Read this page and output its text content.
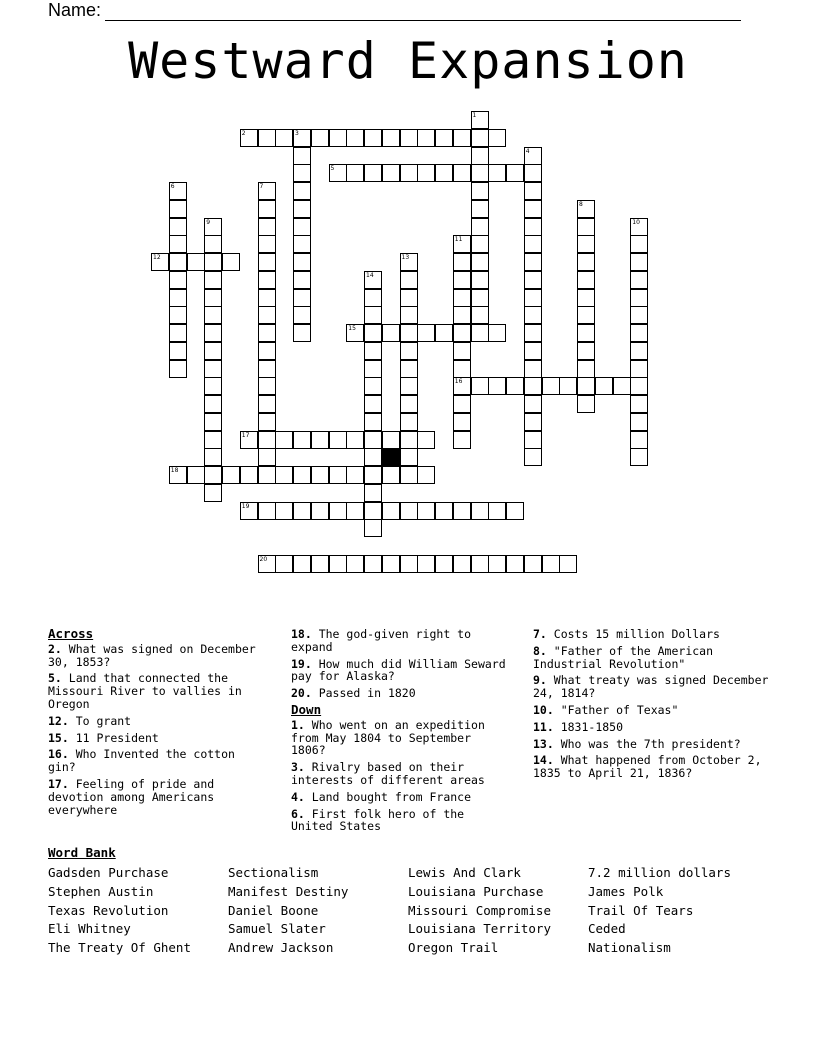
Name:
Westward Expansion
1
2	3
4
5
6	7
8
9	10
11
16
12	13
14
15
17
18
19
20
Across
2. What was signed on December 30, 1853?
5. Land that connected the Missouri River to vallies in Oregon
12. To grant
15. 11 President
16. Who Invented the cotton gin?
17. Feeling of pride and devotion among Americans everywhere
18. The god-given right to expand
19. How much did William Seward pay for Alaska?
20. Passed in 1820
Down
1. Who went on an expedition from May 1804 to September 1806?
3. Rivalry based on their interests of different areas
4. Land bought from France
6. First folk hero of the United States
7. Costs 15 million Dollars
8. "Father of the American Industrial Revolution"
9. What treaty was signed December 24, 1814?
10. "Father of Texas"
11. 1831-1850
13. Who was the 7th president?
14. What happened from October 2, 1835 to April 21, 1836?
Word Bank
Gadsden Purchase
Stephen Austin
Texas Revolution
Eli Whitney
The Treaty Of Ghent
Sectionalism
Manifest Destiny
Daniel Boone
Samuel Slater
Andrew Jackson
Lewis And Clark
Louisiana Purchase
Missouri Compromise
Louisiana Territory
Oregon Trail
7.2 million dollars
James Polk
Trail Of Tears
Ceded
Nationalism
